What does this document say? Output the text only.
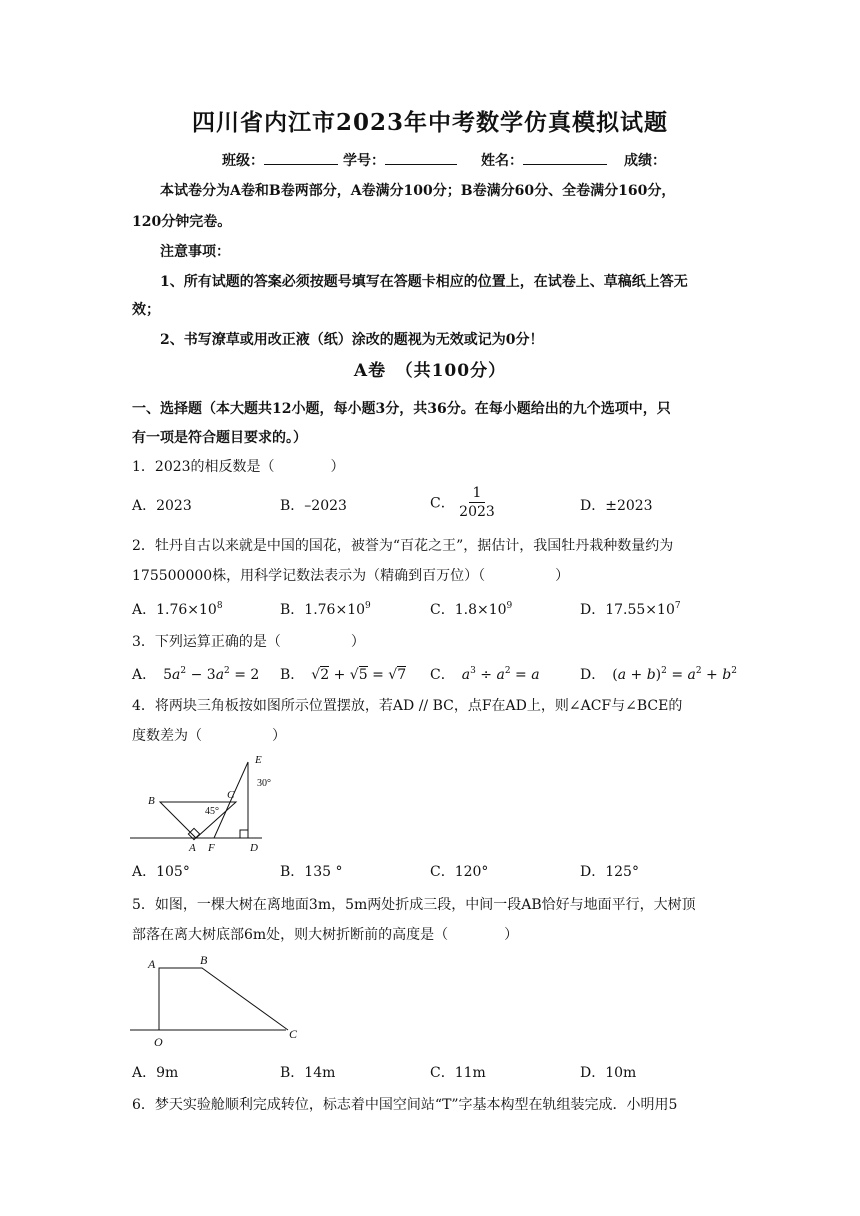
四川省内江市2023年中考数学仿真模拟试题
班级：	学号：	姓名：	成绩：
本试卷分为A卷和B卷两部分，A卷满分100分；B卷满分60分、全卷满分160分，
120分钟完卷。
注意事项：
1、所有试题的答案必须按题号填写在答题卡相应的位置上，在试卷上、草稿纸上答无
效；
2、书写潦草或用改正液（纸）涂改的题视为无效或记为0分！
A卷　（共100分）
一、选择题（本大题共12小题，每小题3分，共36分。在每小题给出的九个选项中，只
有一项是符合题目要求的。）
1．2023的相反数是（　　　　）
A．2023	B．–2023	C． $\frac{1}{2023}$	D．±2023
2．牡丹自古以来就是中国的国花，被誉为“百花之王”，据估计，我国牡丹栽种数量约为
175500000株，用科学记数法表示为（精确到百万位）（　　　　　）
A．$1.76\times 10^8$	B．$1.76\times 10^9$	C．$1.8\times 10^9$	D．$17.55\times 10^7$
3．下列运算正确的是（　　　　　）
A． $5a^2 - 3a^2 = 2$ B． √2 + √5 = √7 C．  $a^3 \div a^2 = a$	D． $(a + b)^2 = a^2 + b^2$
4．将两块三角板按如图所示位置摆放，若AD // BC，点F在AD上，则∠ACF与∠BCE的
度数差为（　　　　　）
B	C
E
A F	D
45°
30°
A．105°	B．135 °	C．120°	D．125°
5．如图，一棵大树在离地面3m，5m两处折成三段，中间一段AB恰好与地面平行，大树顶
部落在离大树底部6m处，则大树折断前的高度是（　　　　）
A	B
O
C
A．9m	B．14m	C．11m	D．10m
6．梦天实验舱顺利完成转位，标志着中国空间站“T”字基本构型在轨组装完成．小明用5
